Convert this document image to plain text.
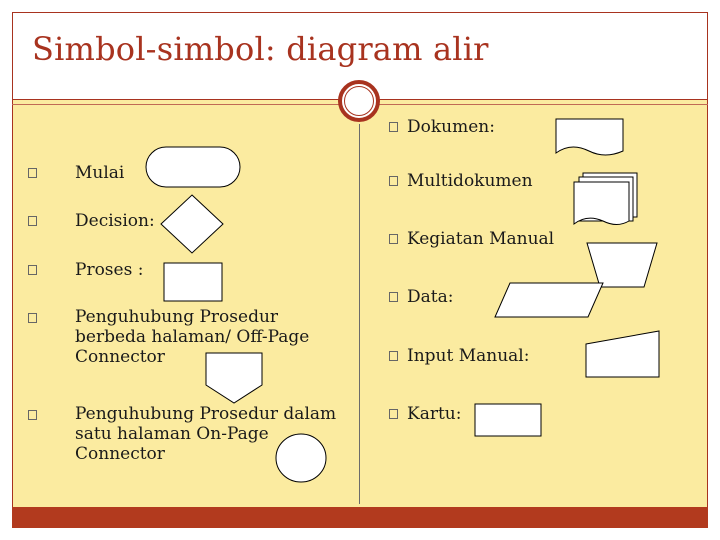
Simbol-simbol: diagram alir
Mulai
Decision:
Proses :
Penguhubung Prosedur
berbeda halaman/ Off-Page
Connector
Penguhubung Prosedur dalam
satu halaman On-Page
Connector
Dokumen:
Multidokumen
Kegiatan Manual
Data:
Input Manual:
Kartu:
